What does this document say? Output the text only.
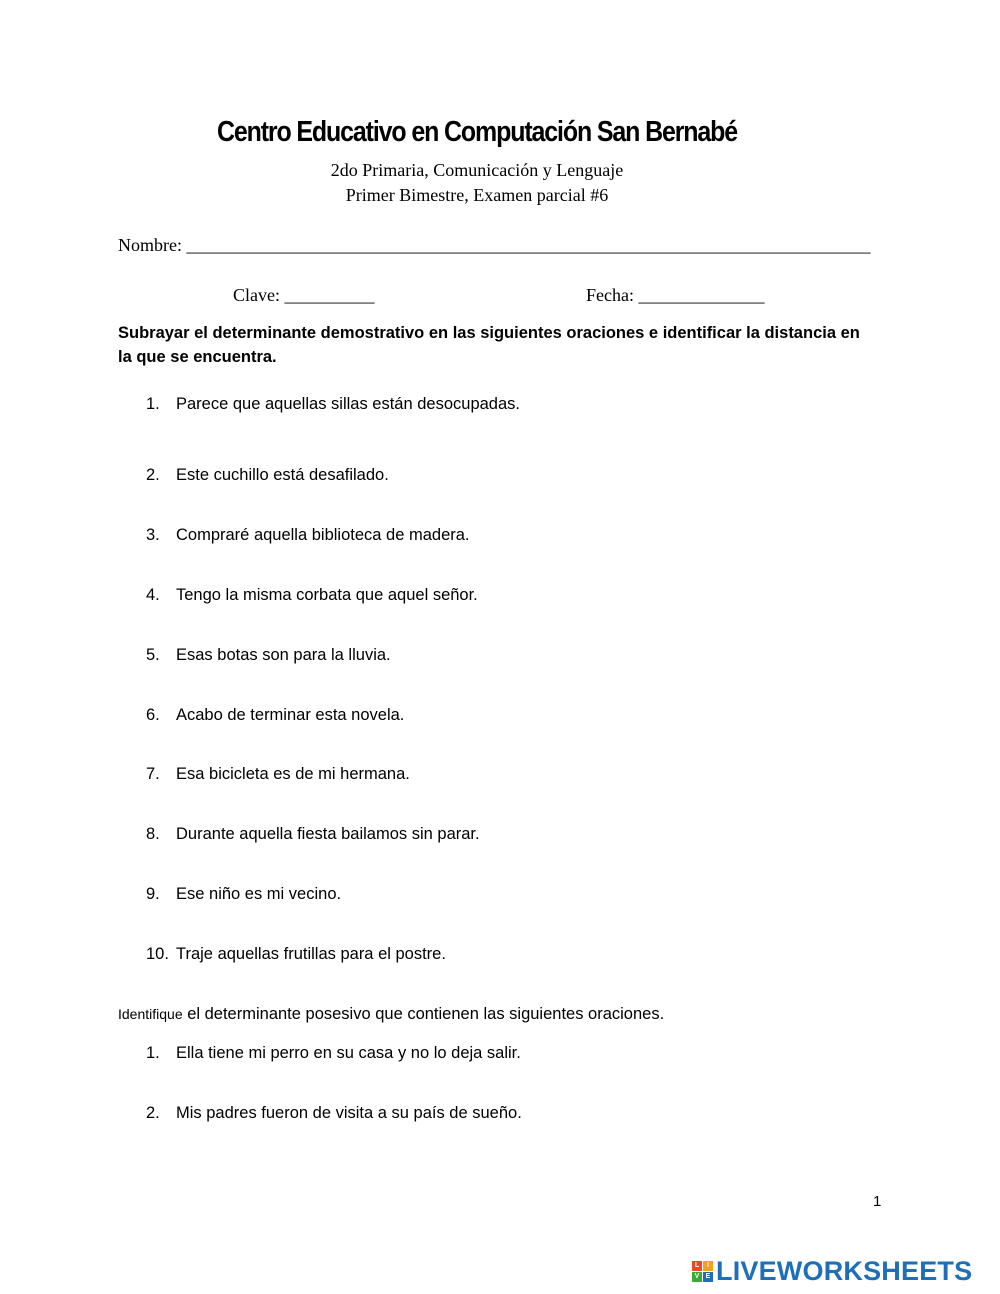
Centro Educativo en Computación San Bernabé
2do Primaria, Comunicación y Lenguaje
Primer Bimestre, Examen parcial #6
Nombre: ____________________________________________________________________________
Clave: __________	Fecha: ______________
Subrayar el determinante demostrativo en las siguientes oraciones e identificar la distancia en la que se encuentra.
1. Parece que aquellas sillas están desocupadas.
2. Este cuchillo está desafilado.
3. Compraré aquella biblioteca de madera.
4. Tengo la misma corbata que aquel señor.
5. Esas botas son para la lluvia.
6. Acabo de terminar esta novela.
7. Esa bicicleta es de mi hermana.
8. Durante aquella fiesta bailamos sin parar.
9. Ese niño es mi vecino.
10. Traje aquellas frutillas para el postre.
Identifique el determinante posesivo que contienen las siguientes oraciones.
1. Ella tiene mi perro en su casa y no lo deja salir.
2. Mis padres fueron de visita a su país de sueño.
1
L	I
V E LIVEWORKSHEETS
